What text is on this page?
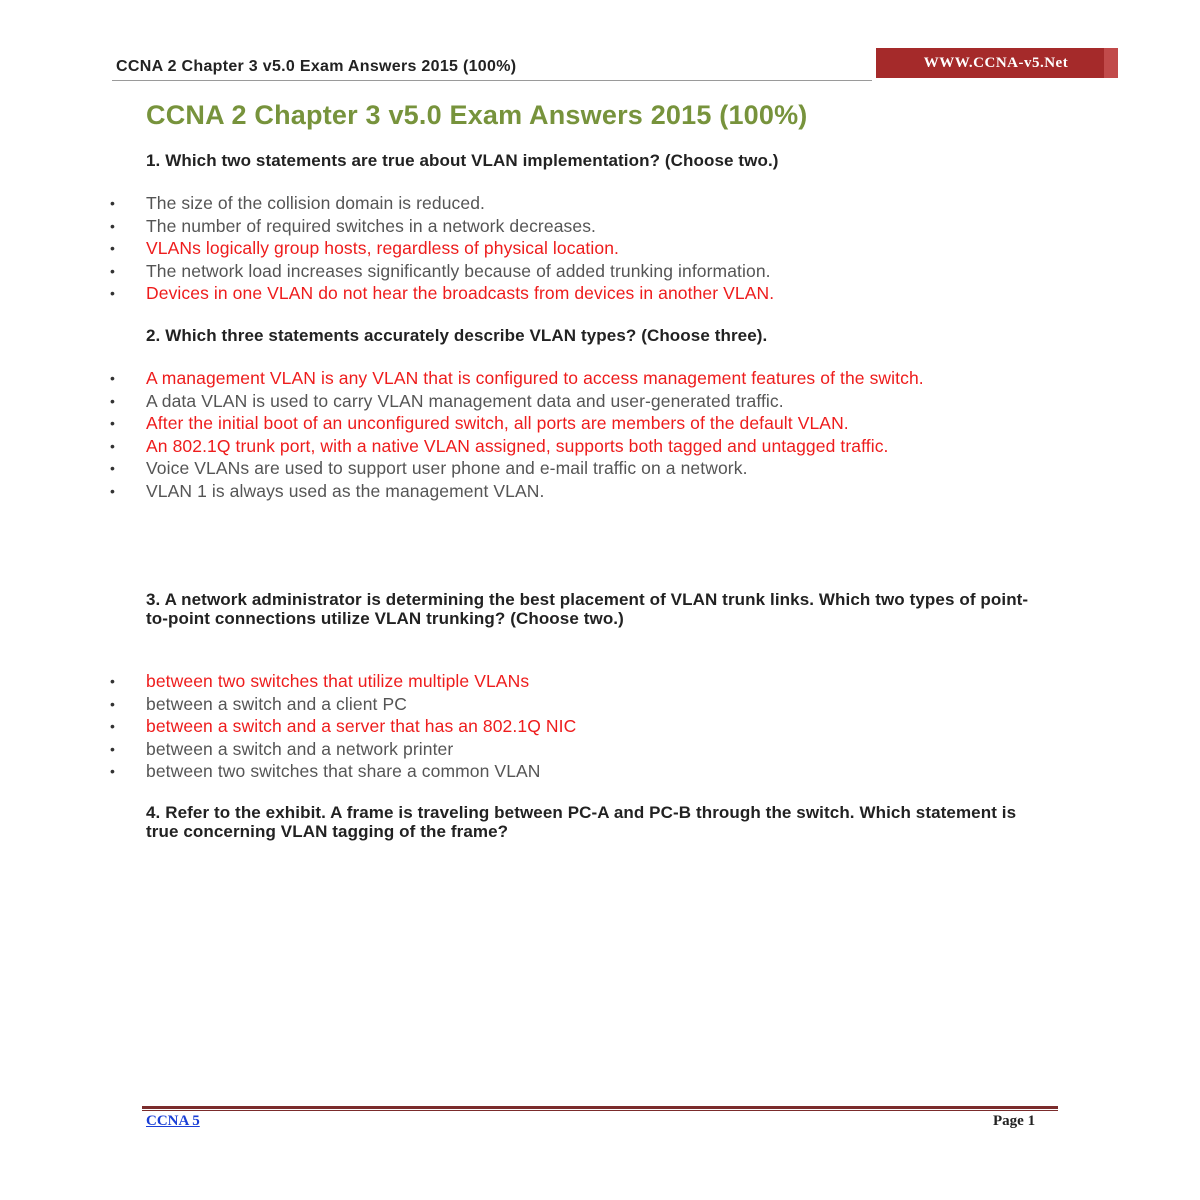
CCNA 2 Chapter 3 v5.0 Exam Answers 2015 (100%)	WWW.CCNA-v5.Net
CCNA 2 Chapter 3 v5.0 Exam Answers 2015 (100%)
1. Which two statements are true about VLAN implementation? (Choose two.)
• The size of the collision domain is reduced.
• The number of required switches in a network decreases.
• VLANs logically group hosts, regardless of physical location.
• The network load increases significantly because of added trunking information.
• Devices in one VLAN do not hear the broadcasts from devices in another VLAN.
2. Which three statements accurately describe VLAN types? (Choose three).
• A management VLAN is any VLAN that is configured to access management features of the switch.
• A data VLAN is used to carry VLAN management data and user-generated traffic.
• After the initial boot of an unconfigured switch, all ports are members of the default VLAN.
• An 802.1Q trunk port, with a native VLAN assigned, supports both tagged and untagged traffic.
• Voice VLANs are used to support user phone and e-mail traffic on a network.
• VLAN 1 is always used as the management VLAN.
3. A network administrator is determining the best placement of VLAN trunk links. Which two types of point-to-point connections utilize VLAN trunking? (Choose two.)
• between two switches that utilize multiple VLANs
• between a switch and a client PC
• between a switch and a server that has an 802.1Q NIC
• between a switch and a network printer
• between two switches that share a common VLAN
4. Refer to the exhibit. A frame is traveling between PC-A and PC-B through the switch. Which statement is true concerning VLAN tagging of the frame?
CCNA 5	Page 1
